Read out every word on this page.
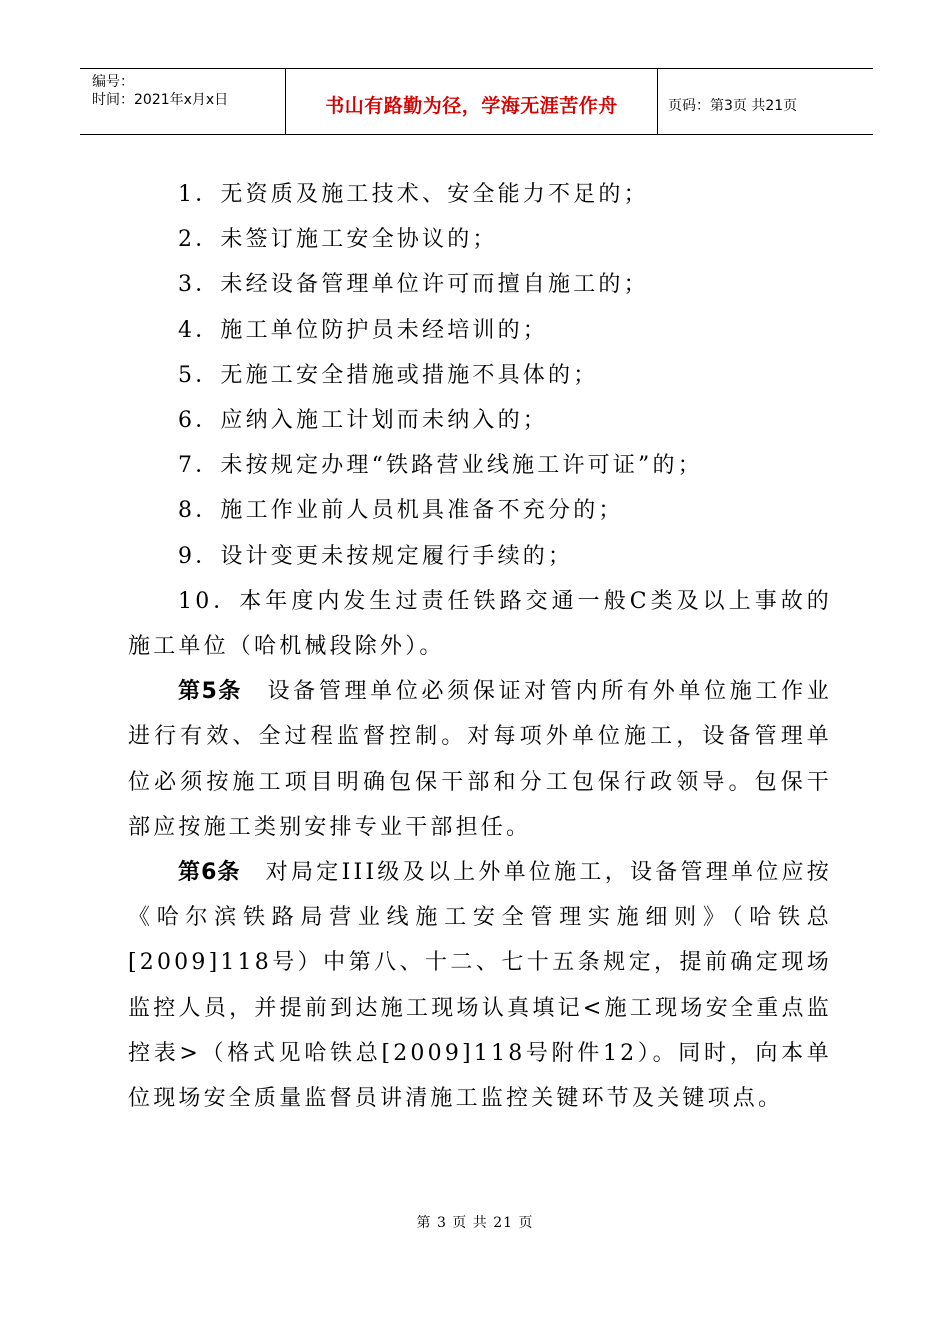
编号：
时间：2021年x月x日	书山有路勤为径，学海无涯苦作舟	页码：第3页 共21页
1．无资质及施工技术、安全能力不足的；
2．未签订施工安全协议的；
3．未经设备管理单位许可而擅自施工的；
4．施工单位防护员未经培训的；
5．无施工安全措施或措施不具体的；
6．应纳入施工计划而未纳入的；
7．未按规定办理“铁路营业线施工许可证”的；
8．施工作业前人员机具准备不充分的；
9．设计变更未按规定履行手续的；
10．本年度内发生过责任铁路交通一般C类及以上事故的施工单位（哈机械段除外）。
第5条　 设备管理单位必须保证对管内所有外单位施工作业进行有效、全过程监督控制。对每项外单位施工，设备管理单位必须按施工项目明确包保干部和分工包保行政领导。包保干部应按施工类别安排专业干部担任。
第6条　 对局定III级及以上外单位施工，设备管理单位应按《哈尔滨铁路局营业线施工安全管理实施细则》（哈铁总[2009]118号）中第八、十二、七十五条规定，提前确定现场监控人员，并提前到达施工现场认真填记<施工现场安全重点监控表>（格式见哈铁总[2009]118号附件12）。同时，向本单位现场安全质量监督员讲清施工监控关键环节及关键项点。
第 3 页 共 21 页
